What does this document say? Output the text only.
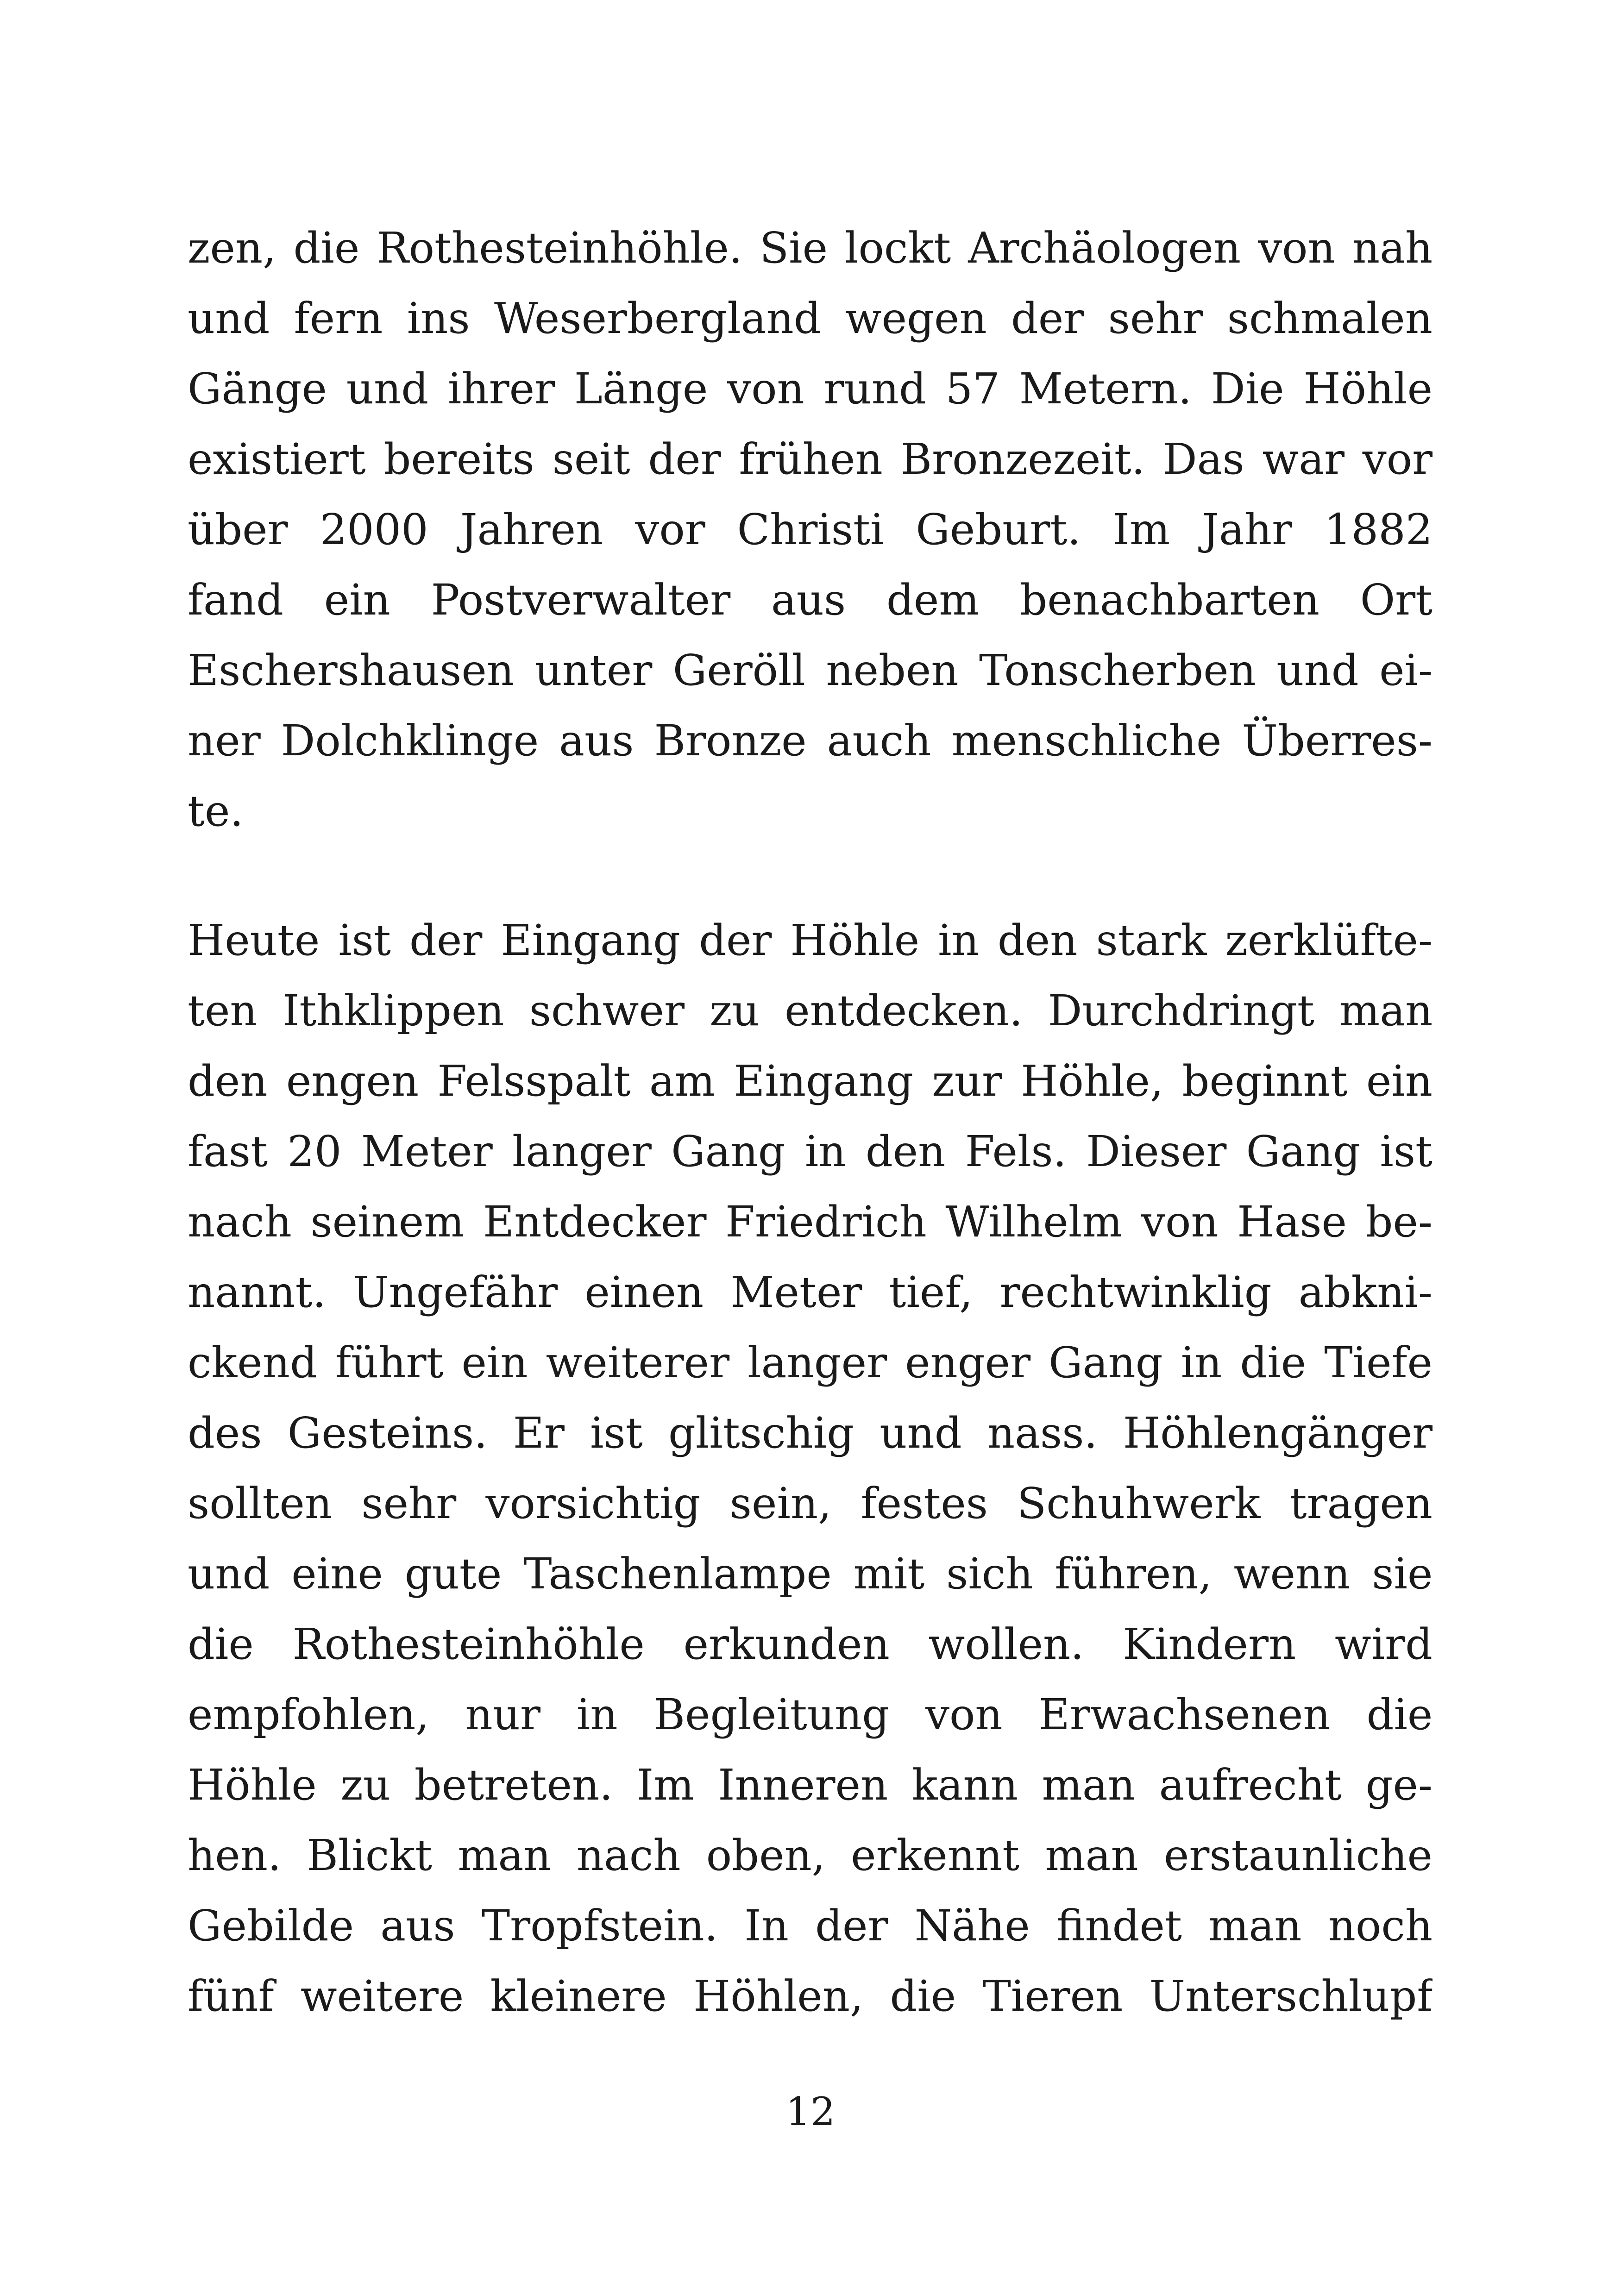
zen, die Rothesteinhöhle. Sie lockt Archäologen von nah
und fern ins Weserbergland wegen der sehr schmalen
Gänge und ihrer Länge von rund 57 Metern. Die Höhle
existiert bereits seit der frühen Bronzezeit. Das war vor
über 2000 Jahren vor Christi Geburt. Im Jahr 1882
fand ein Postverwalter aus dem benachbarten Ort
Eschershausen unter Geröll neben Tonscherben und ei-
ner Dolchklinge aus Bronze auch menschliche Überres-
te.
Heute ist der Eingang der Höhle in den stark zerklüfte-
ten Ithklippen schwer zu entdecken. Durchdringt man
den engen Felsspalt am Eingang zur Höhle, beginnt ein
fast 20 Meter langer Gang in den Fels. Dieser Gang ist
nach seinem Entdecker Friedrich Wilhelm von Hase be-
nannt. Ungefähr einen Meter tief, rechtwinklig abkni-
ckend führt ein weiterer langer enger Gang in die Tiefe
des Gesteins. Er ist glitschig und nass. Höhlengänger
sollten sehr vorsichtig sein, festes Schuhwerk tragen
und eine gute Taschenlampe mit sich führen, wenn sie
die Rothesteinhöhle erkunden wollen. Kindern wird
empfohlen, nur in Begleitung von Erwachsenen die
Höhle zu betreten. Im Inneren kann man aufrecht ge-
hen. Blickt man nach oben, erkennt man erstaunliche
Gebilde aus Tropfstein. In der Nähe findet man noch
fünf weitere kleinere Höhlen, die Tieren Unterschlupf
12
